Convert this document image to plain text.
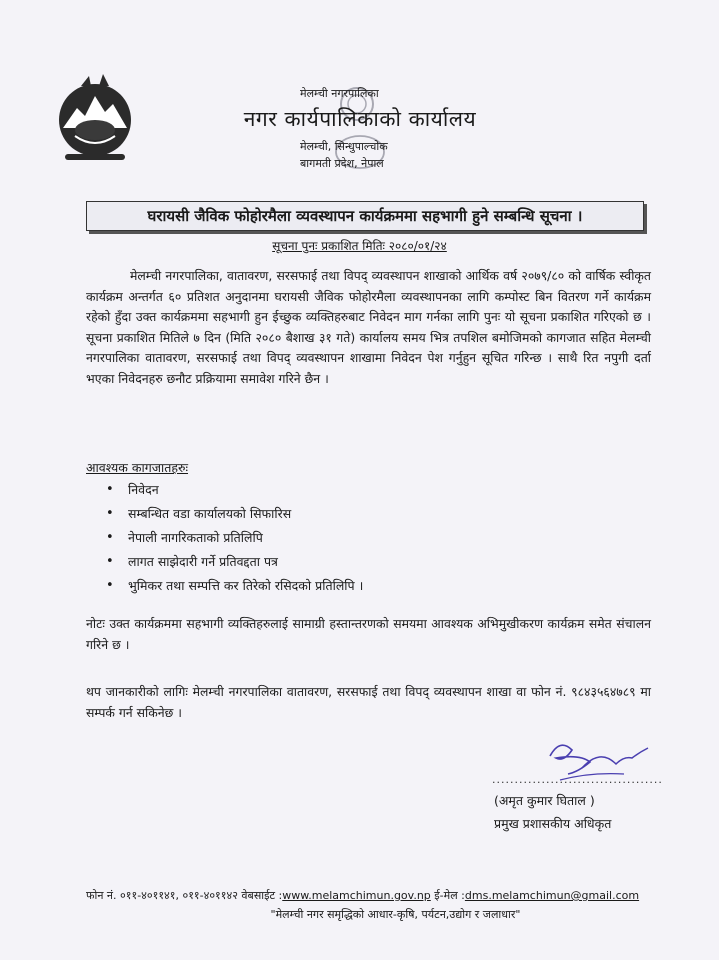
मेलम्ची नगरपालिका
नगर कार्यपालिकाको कार्यालय
मेलम्ची, सिन्धुपाल्चोक
बागमती प्रदेश, नेपाल
घरायसी जैविक फोहोरमैला व्यवस्थापन कार्यक्रममा सहभागी हुने सम्बन्धि सूचना ।
सूचना पुनः प्रकाशित मितिः २०८०/०१/२४

मेलम्ची नगरपालिका, वातावरण, सरसफाई तथा विपद् व्यवस्थापन शाखाको आर्थिक वर्ष २०७९/८० को वार्षिक स्वीकृत कार्यक्रम अन्तर्गत ६० प्रतिशत अनुदानमा घरायसी जैविक फोहोरमैला व्यवस्थापनका लागि कम्पोस्ट बिन वितरण गर्ने कार्यक्रम रहेको हुँदा उक्त कार्यक्रममा सहभागी हुन ईच्छुक व्यक्तिहरुबाट निवेदन माग गर्नका लागि पुनः यो सूचना प्रकाशित गरिएको छ । सूचना प्रकाशित मितिले ७ दिन (मिति २०८० बैशाख ३१ गते) कार्यालय समय भित्र तपशिल बमोजिमको कागजात सहित मेलम्ची नगरपालिका वातावरण, सरसफाई तथा विपद् व्यवस्थापन शाखामा निवेदन पेश गर्नुहुन सूचित गरिन्छ । साथै रित नपुगी दर्ता भएका निवेदनहरु छनौट प्रक्रियामा समावेश गरिने छैन ।

आवश्यक कागजातहरुः
•	निवेदन
•	सम्बन्धित वडा कार्यालयको सिफारिस
•	नेपाली नागरिकताको प्रतिलिपि
•	लागत साझेदारी गर्ने प्रतिवद्दता पत्र
•	भुमिकर तथा सम्पत्ति कर तिरेको रसिदको प्रतिलिपि ।

नोटः उक्त कार्यक्रममा सहभागी व्यक्तिहरुलाई सामाग्री हस्तान्तरणको समयमा आवश्यक अभिमुखीकरण कार्यक्रम समेत संचालन गरिने छ ।

थप जानकारीको लागिः मेलम्ची नगरपालिका वातावरण, सरसफाई तथा विपद् व्यवस्थापन शाखा वा फोन नं. ९८४३५६४७८९ मा सम्पर्क गर्न सकिनेछ ।

......................................
(अमृत कुमार घिताल )
प्रमुख प्रशासकीय अधिकृत
फोन नं. ०११-४०११४१, ०११-४०११४२ वेबसाईट :www.melamchimun.gov.np ई-मेल :dms.melamchimun@gmail.com
"मेलम्ची नगर समृद्धिको आधार-कृषि, पर्यटन,उद्योग र जलाधार"
